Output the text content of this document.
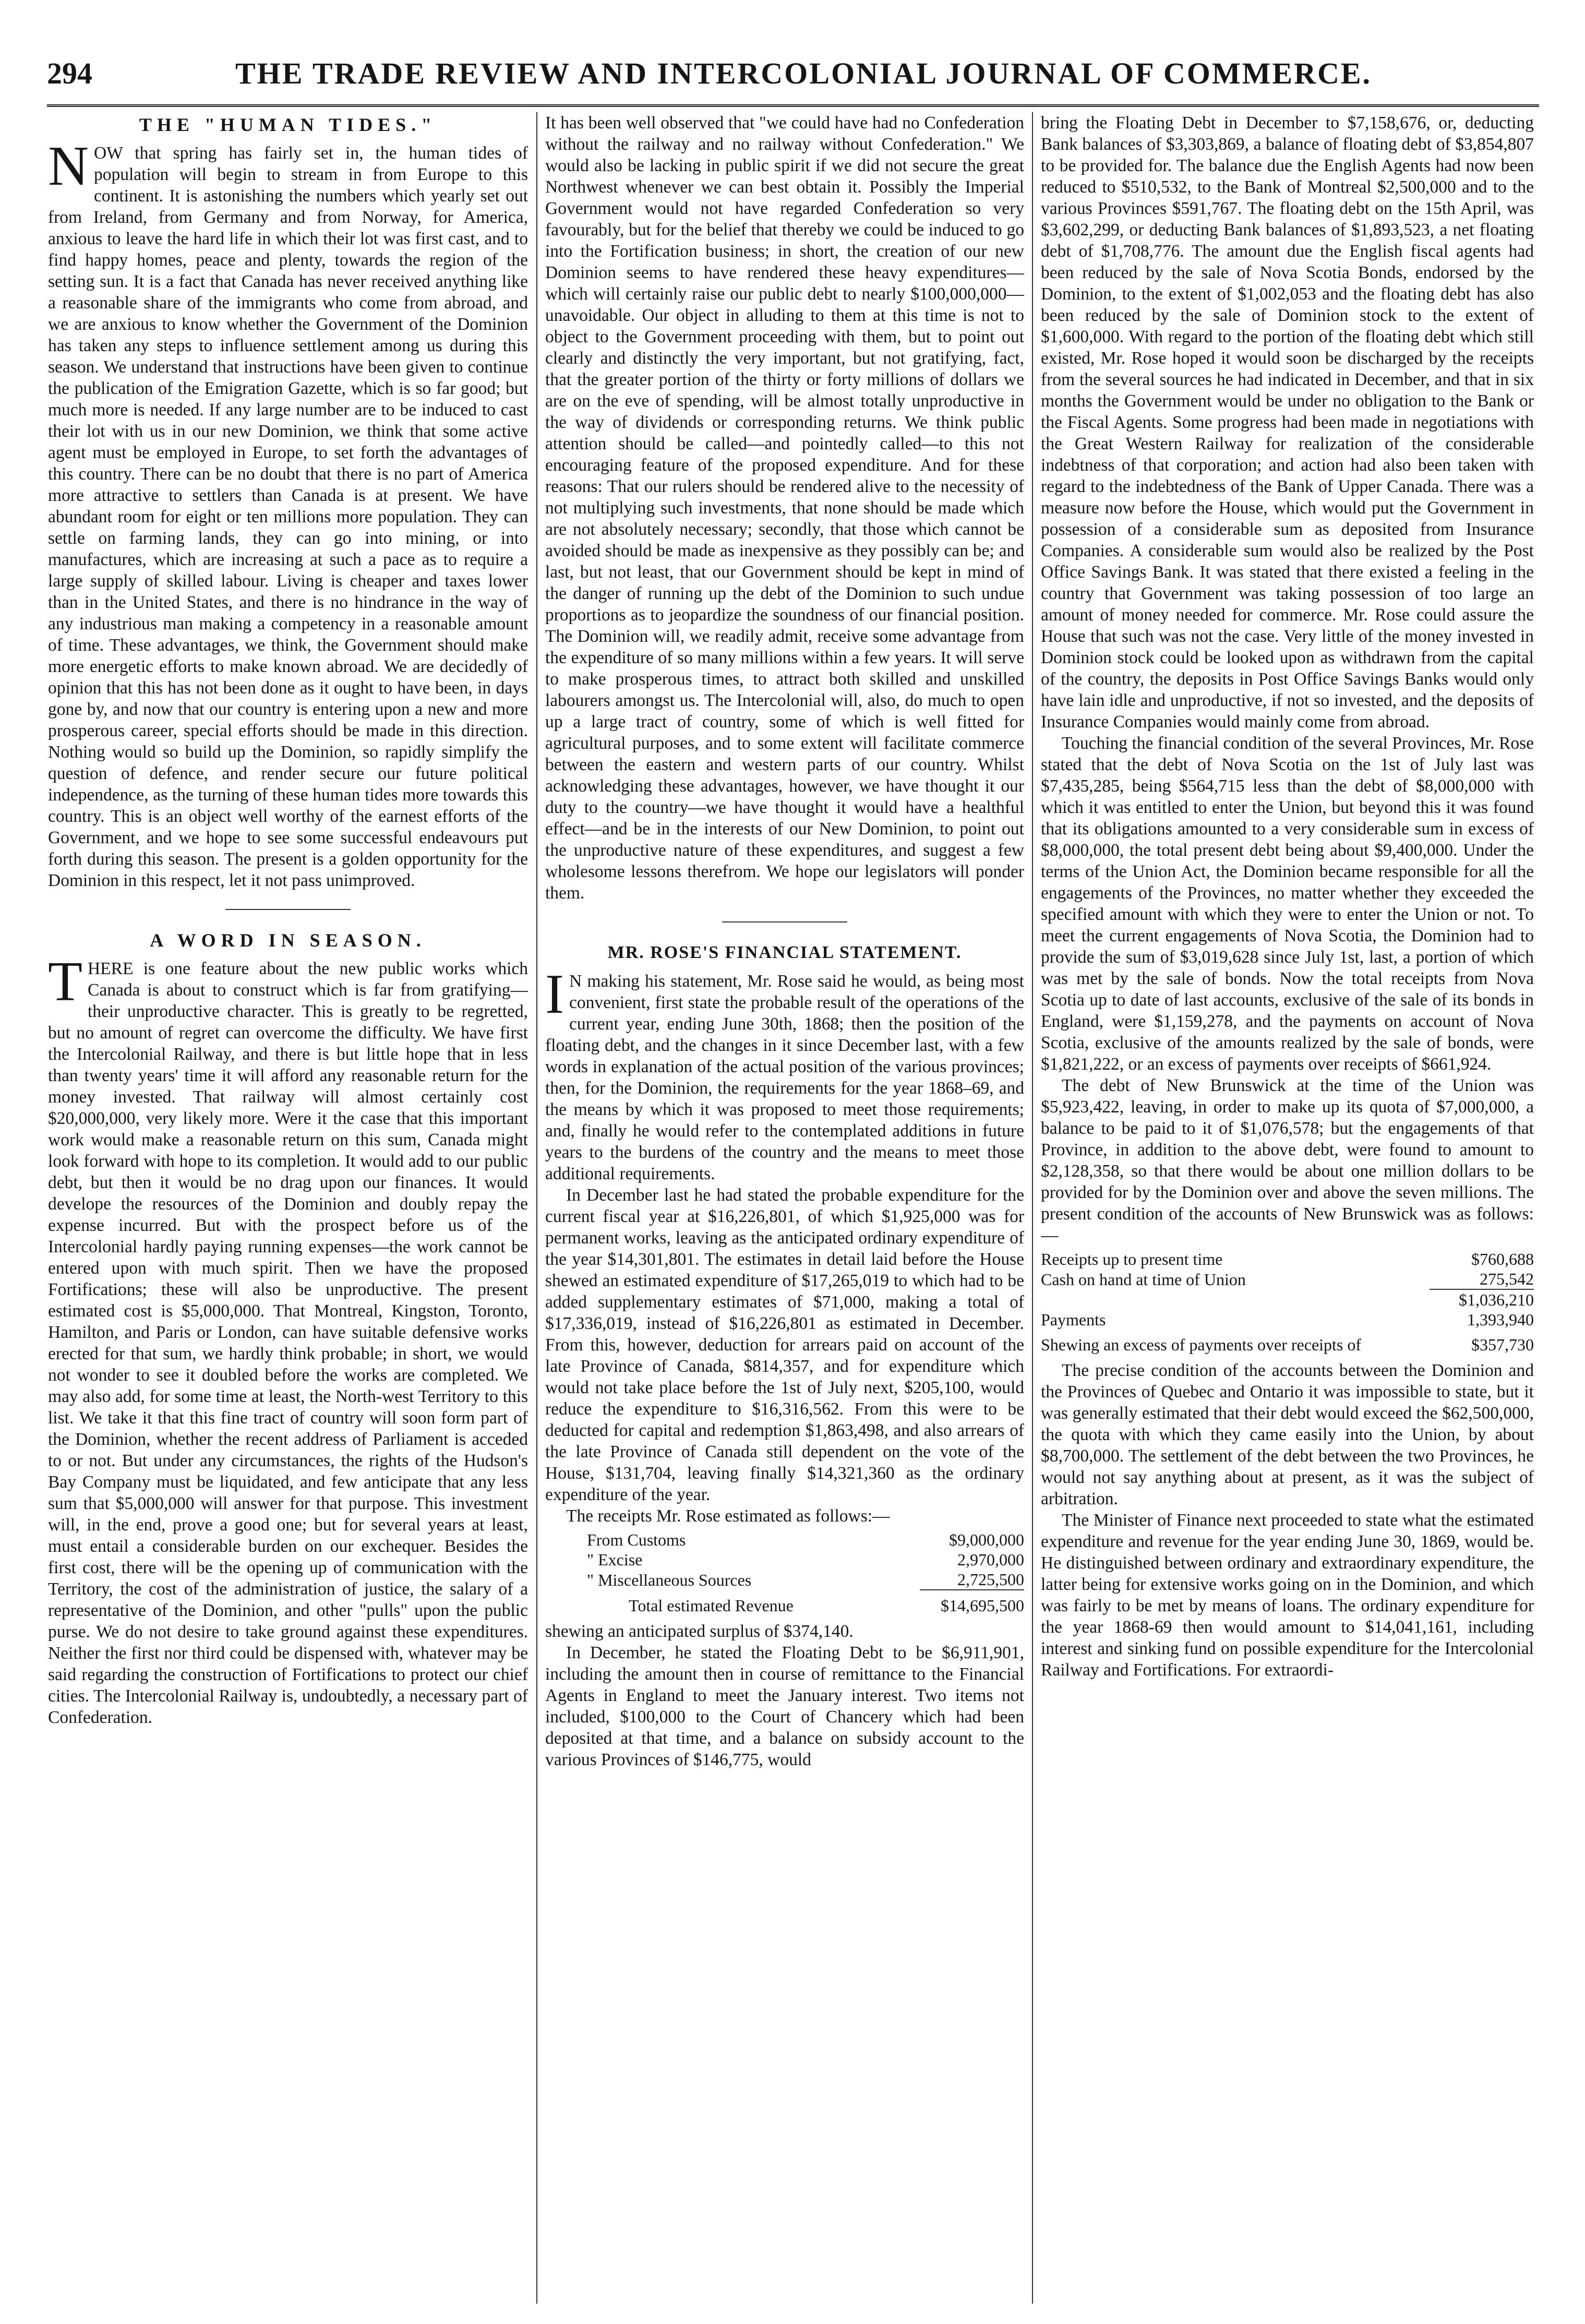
294	THE TRADE REVIEW AND INTERCOLONIAL JOURNAL OF COMMERCE.
THE "HUMAN TIDES."

NOW that spring has fairly set in, the human tides of population will begin to stream in from Europe to this continent. It is astonishing the numbers which yearly set out from Ireland, from Germany and from Norway, for America, anxious to leave the hard life in which their lot was first cast, and to find happy homes, peace and plenty, towards the region of the setting sun. It is a fact that Canada has never received anything like a reasonable share of the immigrants who come from abroad, and we are anxious to know whether the Government of the Dominion has taken any steps to influence settlement among us during this season. We understand that instructions have been given to continue the publication of the Emigration Gazette, which is so far good; but much more is needed. If any large number are to be induced to cast their lot with us in our new Dominion, we think that some active agent must be employed in Europe, to set forth the advantages of this country. There can be no doubt that there is no part of America more attractive to settlers than Canada is at present. We have abundant room for eight or ten millions more population. They can settle on farming lands, they can go into mining, or into manufactures, which are increasing at such a pace as to require a large supply of skilled labour. Living is cheaper and taxes lower than in the United States, and there is no hindrance in the way of any industrious man making a competency in a reasonable amount of time. These advantages, we think, the Government should make more energetic efforts to make known abroad. We are decidedly of opinion that this has not been done as it ought to have been, in days gone by, and now that our country is entering upon a new and more prosperous career, special efforts should be made in this direction. Nothing would so build up the Dominion, so rapidly simplify the question of defence, and render secure our future political independence, as the turning of these human tides more towards this country. This is an object well worthy of the earnest efforts of the Government, and we hope to see some successful endeavours put forth during this season. The present is a golden opportunity for the Dominion in this respect, let it not pass unimproved.

A WORD IN SEASON.

THERE is one feature about the new public works which Canada is about to construct which is far from gratifying—their unproductive character. This is greatly to be regretted, but no amount of regret can overcome the difficulty. We have first the Intercolonial Railway, and there is but little hope that in less than twenty years' time it will afford any reasonable return for the money invested. That railway will almost certainly cost $20,000,000, very likely more. Were it the case that this important work would make a reasonable return on this sum, Canada might look forward with hope to its completion. It would add to our public debt, but then it would be no drag upon our finances. It would develope the resources of the Dominion and doubly repay the expense incurred. But with the prospect before us of the Intercolonial hardly paying running expenses—the work cannot be entered upon with much spirit. Then we have the proposed Fortifications; these will also be unproductive. The present estimated cost is $5,000,000. That Montreal, Kingston, Toronto, Hamilton, and Paris or London, can have suitable defensive works erected for that sum, we hardly think probable; in short, we would not wonder to see it doubled before the works are completed. We may also add, for some time at least, the North-west Territory to this list. We take it that this fine tract of country will soon form part of the Dominion, whether the recent address of Parliament is acceded to or not. But under any circumstances, the rights of the Hudson's Bay Company must be liquidated, and few anticipate that any less sum that $5,000,000 will answer for that purpose. This investment will, in the end, prove a good one; but for several years at least, must entail a considerable burden on our exchequer. Besides the first cost, there will be the opening up of communication with the Territory, the cost of the administration of justice, the salary of a representative of the Dominion, and other "pulls" upon the public purse. We do not desire to take ground against these expenditures. Neither the first nor third could be dispensed with, whatever may be said regarding the construction of Fortifications to protect our chief cities. The Intercolonial Railway is, undoubtedly, a necessary part of Confederation.

It has been well observed that "we could have had no Confederation without the railway and no railway without Confederation." We would also be lacking in public spirit if we did not secure the great Northwest whenever we can best obtain it. Possibly the Imperial Government would not have regarded Confederation so very favourably, but for the belief that thereby we could be induced to go into the Fortification business; in short, the creation of our new Dominion seems to have rendered these heavy expenditures—which will certainly raise our public debt to nearly $100,000,000—unavoidable. Our object in alluding to them at this time is not to object to the Government proceeding with them, but to point out clearly and distinctly the very important, but not gratifying, fact, that the greater portion of the thirty or forty millions of dollars we are on the eve of spending, will be almost totally unproductive in the way of dividends or corresponding returns. We think public attention should be called—and pointedly called—to this not encouraging feature of the proposed expenditure. And for these reasons: That our rulers should be rendered alive to the necessity of not multiplying such investments, that none should be made which are not absolutely necessary; secondly, that those which cannot be avoided should be made as inexpensive as they possibly can be; and last, but not least, that our Government should be kept in mind of the danger of running up the debt of the Dominion to such undue proportions as to jeopardize the soundness of our financial position. The Dominion will, we readily admit, receive some advantage from the expenditure of so many millions within a few years. It will serve to make prosperous times, to attract both skilled and unskilled labourers amongst us. The Intercolonial will, also, do much to open up a large tract of country, some of which is well fitted for agricultural purposes, and to some extent will facilitate commerce between the eastern and western parts of our country. Whilst acknowledging these advantages, however, we have thought it our duty to the country—we have thought it would have a healthful effect—and be in the interests of our New Dominion, to point out the unproductive nature of these expenditures, and suggest a few wholesome lessons therefrom. We hope our legislators will ponder them.

MR. ROSE'S FINANCIAL STATEMENT.

I N making his statement, Mr. Rose said he would, as being most convenient, first state the probable result of the operations of the current year, ending June 30th, 1868; then the position of the floating debt, and the changes in it since December last, with a few words in explanation of the actual position of the various provinces; then, for the Dominion, the requirements for the year 1868–69, and the means by which it was proposed to meet those requirements; and, finally he would refer to the contemplated additions in future years to the burdens of the country and the means to meet those additional requirements.

In December last he had stated the probable expenditure for the current fiscal year at $16,226,801, of which $1,925,000 was for permanent works, leaving as the anticipated ordinary expenditure of the year $14,301,801. The estimates in detail laid before the House shewed an estimated expenditure of $17,265,019 to which had to be added supplementary estimates of $71,000, making a total of $17,336,019, instead of $16,226,801 as estimated in December. From this, however, deduction for arrears paid on account of the late Province of Canada, $814,357, and for expenditure which would not take place before the 1st of July next, $205,100, would reduce the expenditure to $16,316,562. From this were to be deducted for capital and redemption $1,863,498, and also arrears of the late Province of Canada still dependent on the vote of the House, $131,704, leaving finally $14,321,360 as the ordinary expenditure of the year.

The receipts Mr. Rose estimated as follows:—

From Customs	$9,000,000
" Excise	2,970,000
" Miscellaneous Sources	2,725,500
Total estimated Revenue	$14,695,500

shewing an anticipated surplus of $374,140.

In December, he stated the Floating Debt to be $6,911,901, including the amount then in course of remittance to the Financial Agents in England to meet the January interest. Two items not included, $100,000 to the Court of Chancery which had been deposited at that time, and a balance on subsidy account to the various Provinces of $146,775, would

bring the Floating Debt in December to $7,158,676, or, deducting Bank balances of $3,303,869, a balance of floating debt of $3,854,807 to be provided for. The balance due the English Agents had now been reduced to $510,532, to the Bank of Montreal $2,500,000 and to the various Provinces $591,767. The floating debt on the 15th April, was $3,602,299, or deducting Bank balances of $1,893,523, a net floating debt of $1,708,776. The amount due the English fiscal agents had been reduced by the sale of Nova Scotia Bonds, endorsed by the Dominion, to the extent of $1,002,053 and the floating debt has also been reduced by the sale of Dominion stock to the extent of $1,600,000. With regard to the portion of the floating debt which still existed, Mr. Rose hoped it would soon be discharged by the receipts from the several sources he had indicated in December, and that in six months the Government would be under no obligation to the Bank or the Fiscal Agents. Some progress had been made in negotiations with the Great Western Railway for realization of the considerable indebtness of that corporation; and action had also been taken with regard to the indebtedness of the Bank of Upper Canada. There was a measure now before the House, which would put the Government in possession of a considerable sum as deposited from Insurance Companies. A considerable sum would also be realized by the Post Office Savings Bank. It was stated that there existed a feeling in the country that Government was taking possession of too large an amount of money needed for commerce. Mr. Rose could assure the House that such was not the case. Very little of the money invested in Dominion stock could be looked upon as withdrawn from the capital of the country, the deposits in Post Office Savings Banks would only have lain idle and unproductive, if not so invested, and the deposits of Insurance Companies would mainly come from abroad.

Touching the financial condition of the several Provinces, Mr. Rose stated that the debt of Nova Scotia on the 1st of July last was $7,435,285, being $564,715 less than the debt of $8,000,000 with which it was entitled to enter the Union, but beyond this it was found that its obligations amounted to a very considerable sum in excess of $8,000,000, the total present debt being about $9,400,000. Under the terms of the Union Act, the Dominion became responsible for all the engagements of the Provinces, no matter whether they exceeded the specified amount with which they were to enter the Union or not. To meet the current engagements of Nova Scotia, the Dominion had to provide the sum of $3,019,628 since July 1st, last, a portion of which was met by the sale of bonds. Now the total receipts from Nova Scotia up to date of last accounts, exclusive of the sale of its bonds in England, were $1,159,278, and the payments on account of Nova Scotia, exclusive of the amounts realized by the sale of bonds, were $1,821,222, or an excess of payments over receipts of $661,924.

The debt of New Brunswick at the time of the Union was $5,923,422, leaving, in order to make up its quota of $7,000,000, a balance to be paid to it of $1,076,578; but the engagements of that Province, in addition to the above debt, were found to amount to $2,128,358, so that there would be about one million dollars to be provided for by the Dominion over and above the seven millions. The present condition of the accounts of New Brunswick was as follows:—

Receipts up to present time	$760,688
Cash on hand at time of Union	275,542
	$1,036,210
Payments	1,393,940
Shewing an excess of payments over receipts of	$357,730

The precise condition of the accounts between the Dominion and the Provinces of Quebec and Ontario it was impossible to state, but it was generally estimated that their debt would exceed the $62,500,000, the quota with which they came easily into the Union, by about $8,700,000. The settlement of the debt between the two Provinces, he would not say anything about at present, as it was the subject of arbitration.

The Minister of Finance next proceeded to state what the estimated expenditure and revenue for the year ending June 30, 1869, would be. He distinguished between ordinary and extraordinary expenditure, the latter being for extensive works going on in the Dominion, and which was fairly to be met by means of loans. The ordinary expenditure for the year 1868-69 then would amount to $14,041,161, including interest and sinking fund on possible expenditure for the Intercolonial Railway and Fortifications. For extraordi-
